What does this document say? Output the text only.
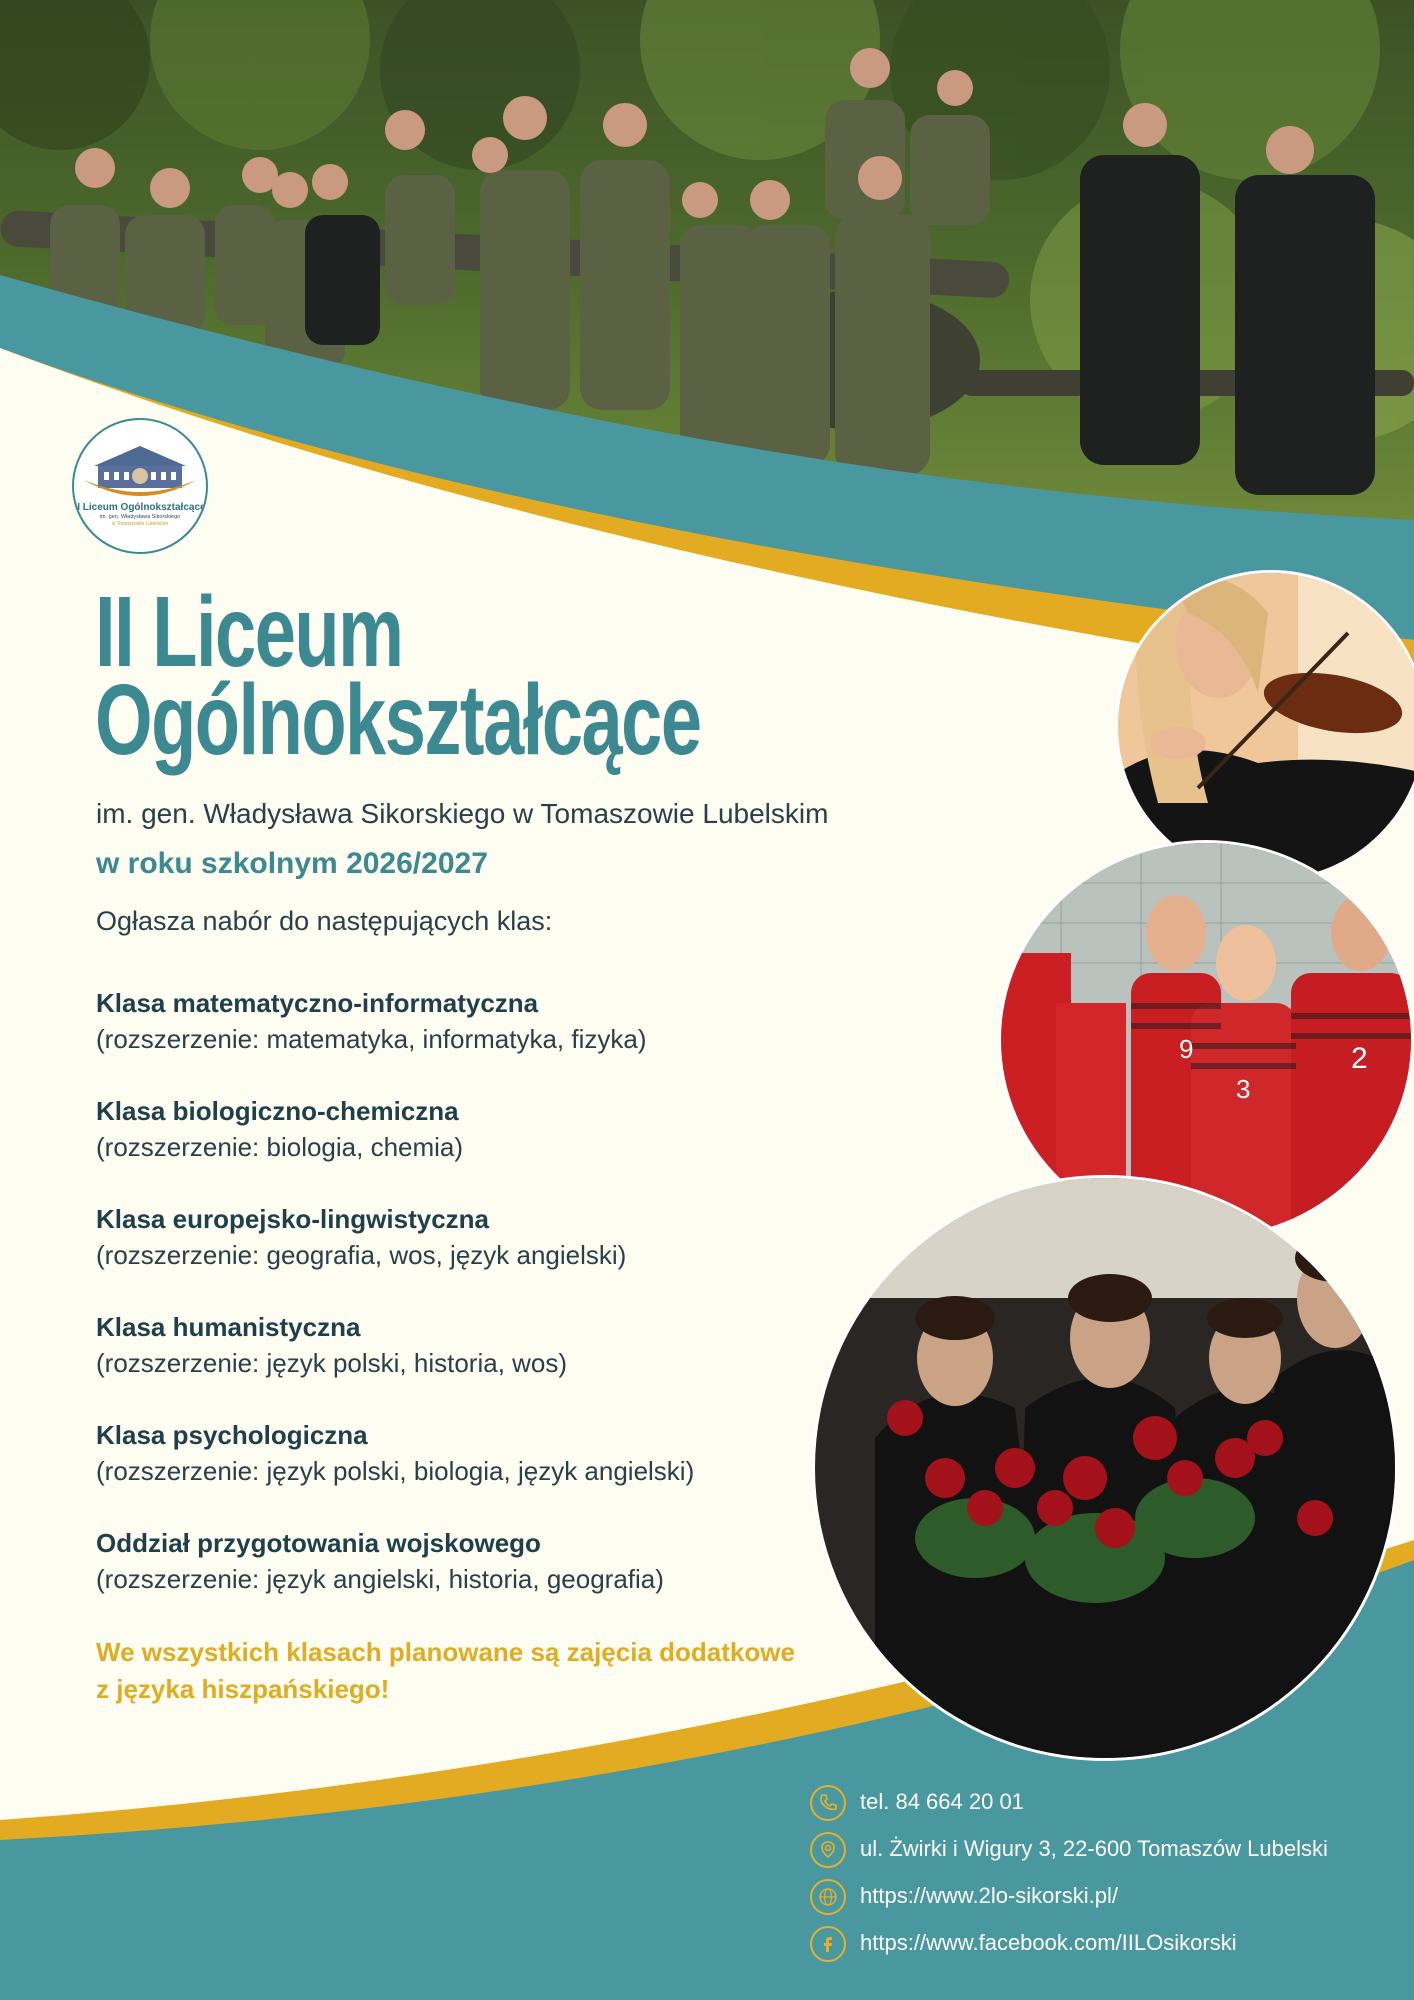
II Liceum Ogólnokształcące
im. gen. Władysława Sikorskiego
w Tomaszowie Lubelskim
II Liceum
Ogólnokształcące
im. gen. Władysława Sikorskiego w Tomaszowie Lubelskim
w roku szkolnym 2026/2027
Ogłasza nabór do następujących klas:
Klasa matematyczno-informatyczna
(rozszerzenie: matematyka, informatyka, fizyka)
Klasa biologiczno-chemiczna
(rozszerzenie: biologia, chemia)
Klasa europejsko-lingwistyczna
(rozszerzenie: geografia, wos, język angielski)
Klasa humanistyczna
(rozszerzenie: język polski, historia, wos)
Klasa psychologiczna
(rozszerzenie: język polski, biologia, język angielski)
Oddział przygotowania wojskowego
(rozszerzenie: język angielski, historia, geografia)
We wszystkich klasach planowane są zajęcia dodatkowe z języka hiszpańskiego!
9
3
2
tel. 84 664 20 01
ul. Żwirki i Wigury 3, 22-600 Tomaszów Lubelski
https://www.2lo-sikorski.pl/
https://www.facebook.com/IILOsikorski
